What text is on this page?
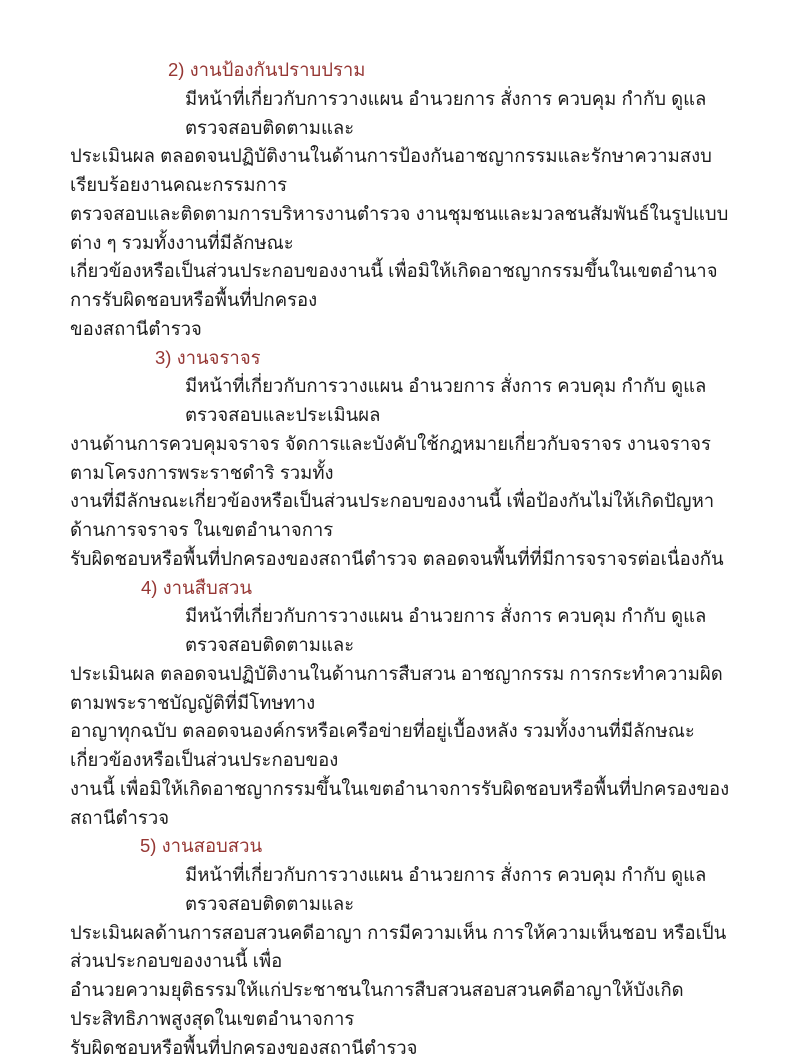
2) งานป้องกันปราบปราม
มีหน้าที่เกี่ยวกับการวางแผน อำนวยการ สั่งการ ควบคุม กำกับ ดูแล ตรวจสอบติดตามและ
ประเมินผล ตลอดจนปฏิบัติงานในด้านการป้องกันอาชญากรรมและรักษาความสงบเรียบร้อยงานคณะกรรมการ
ตรวจสอบและติดตามการบริหารงานตำรวจ งานชุมชนและมวลชนสัมพันธ์ในรูปแบบต่าง ๆ รวมทั้งงานที่มีลักษณะ
เกี่ยวข้องหรือเป็นส่วนประกอบของงานนี้ เพื่อมิให้เกิดอาชญากรรมขึ้นในเขตอำนาจ การรับผิดชอบหรือพื้นที่ปกครอง
ของสถานีตำรวจ
3) งานจราจร
มีหน้าที่เกี่ยวกับการวางแผน อำนวยการ สั่งการ ควบคุม กำกับ ดูแล ตรวจสอบและประเมินผล
งานด้านการควบคุมจราจร จัดการและบังคับใช้กฎหมายเกี่ยวกับจราจร งานจราจรตามโครงการพระราชดำริ รวมทั้ง
งานที่มีลักษณะเกี่ยวข้องหรือเป็นส่วนประกอบของงานนี้ เพื่อป้องกันไม่ให้เกิดปัญหาด้านการจราจร ในเขตอำนาจการ
รับผิดชอบหรือพื้นที่ปกครองของสถานีตำรวจ ตลอดจนพื้นที่ที่มีการจราจรต่อเนื่องกัน
4) งานสืบสวน
มีหน้าที่เกี่ยวกับการวางแผน อำนวยการ สั่งการ ควบคุม กำกับ ดูแล ตรวจสอบติดตามและ
ประเมินผล ตลอดจนปฏิบัติงานในด้านการสืบสวน อาชญากรรม การกระทำความผิดตามพระราชบัญญัติที่มีโทษทาง
อาญาทุกฉบับ ตลอดจนองค์กรหรือเครือข่ายที่อยู่เบื้องหลัง รวมทั้งงานที่มีลักษณะเกี่ยวข้องหรือเป็นส่วนประกอบของ
งานนี้ เพื่อมิให้เกิดอาชญากรรมขึ้นในเขตอำนาจการรับผิดชอบหรือพื้นที่ปกครองของสถานีตำรวจ
5) งานสอบสวน
มีหน้าที่เกี่ยวกับการวางแผน อำนวยการ สั่งการ ควบคุม กำกับ ดูแล ตรวจสอบติดตามและ
ประเมินผลด้านการสอบสวนคดีอาญา การมีความเห็น การให้ความเห็นชอบ หรือเป็นส่วนประกอบของงานนี้ เพื่อ
อำนวยความยุติธรรมให้แก่ประชาชนในการสืบสวนสอบสวนคดีอาญาให้บังเกิดประสิทธิภาพสูงสุดในเขตอำนาจการ
รับผิดชอบหรือพื้นที่ปกครองของสถานีตำรวจ
